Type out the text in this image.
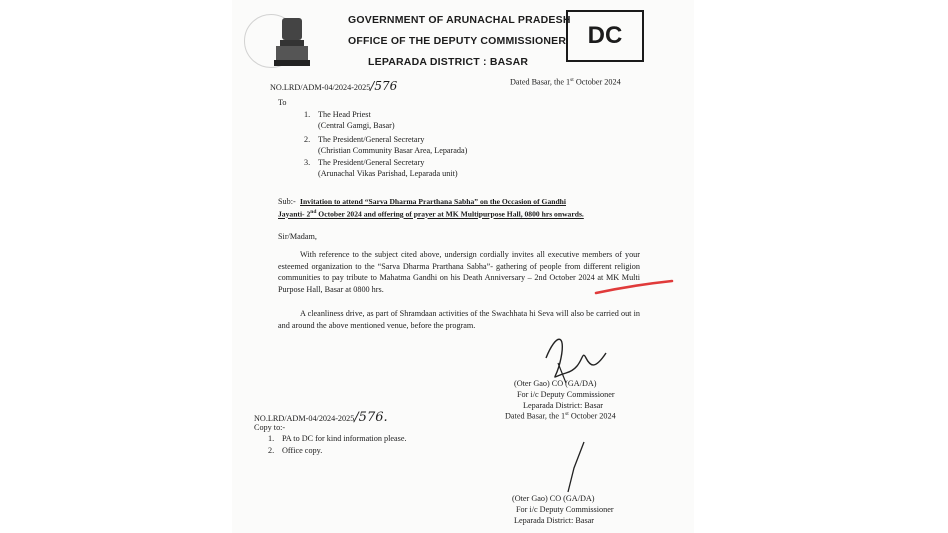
GOVERNMENT OF ARUNACHAL PRADESH
OFFICE OF THE DEPUTY COMMISSIONER
LEPARADA DISTRICT : BASAR
DC
NO.LRD/ADM-04/2024-2025/576	Dated Basar, the 1st October 2024
To
1. The Head Priest
(Central Gamgi, Basar)
2. The President/General Secretary
(Christian Community Basar Area, Leparada)
3. The President/General Secretary
(Arunachal Vikas Parishad, Leparada unit)
Sub:- Invitation to attend “Sarva Dharma Prarthana Sabha” on the Occasion of Gandhi
Jayanti- 2nd October 2024 and offering of prayer at MK Multipurpose Hall, 0800 hrs onwards.
Sir/Madam,
With reference to the subject cited above, undersign cordially invites all executive members of your esteemed organization to the “Sarva Dharma Prarthana Sabha”- gathering of people from different religion communities to pay tribute to Mahatma Gandhi on his Death Anniversary – 2nd October 2024 at MK Multi Purpose Hall, Basar at 0800 hrs.
A cleanliness drive, as part of Shramdaan activities of the Swachhata hi Seva will also be carried out in and around the above mentioned venue, before the program.
(Oter Gao) CO (GA/DA)
For i/c Deputy Commissioner
Leparada District: Basar
Dated Basar, the 1st October 2024
NO.LRD/ADM-04/2024-2025/576.
Copy to:-
1. PA to DC for kind information please.
2. Office copy.
(Oter Gao) CO (GA/DA)
For i/c Deputy Commissioner
Leparada District: Basar
